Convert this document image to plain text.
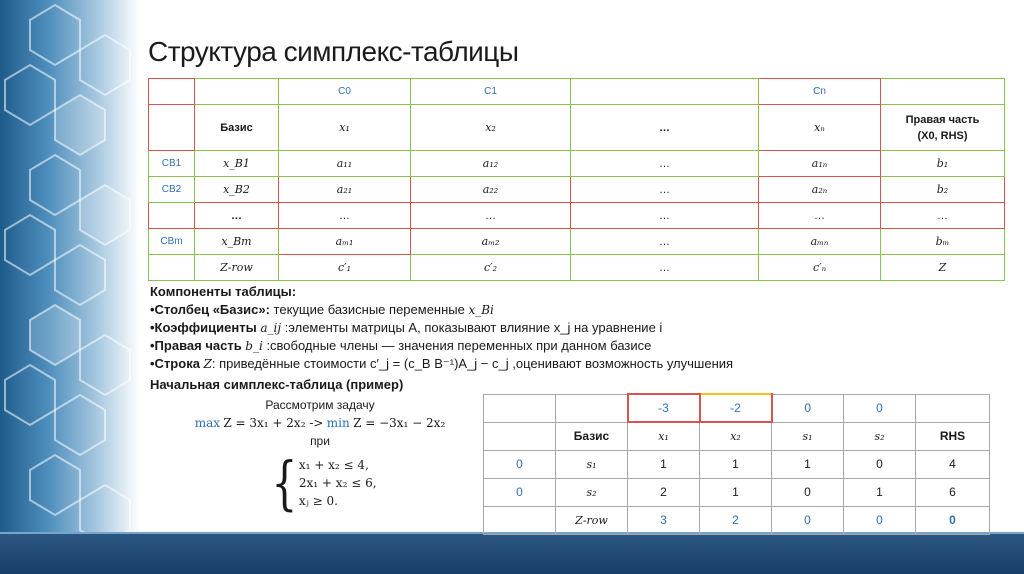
Структура симплекс-таблицы
		C0	C1		Cn	
	Базис	x₁	x₂	…	xₙ	Правая часть
(X0, RHS)

CB1	x_B1	a₁₁	a₁₂	…	a₁ₙ	b₁
CB2	x_B2	a₂₁	a₂₂	…	a₂ₙ	b₂
	…	…	…	…	…	…
CBm	x_Bm	aₘ₁	aₘ₂	…	aₘₙ	bₘ
	Z-row	c′₁	c′₂	…	c′ₙ	Z
Компоненты таблицы:
•Столбец «Базис»: текущие базисные переменные x_Bi
•Коэффициенты a_ij :элементы матрицы A, показывают влияние x_j на уравнение i
•Правая часть b_i :свободные члены — значения переменных при данном базисе
•Строка Z: приведённые стоимости c′_j = (c_B B⁻¹)A_j − c_j ,оценивают возможность улучшения
Начальная симплекс-таблица (пример)
Рассмотрим задачу
max Z = 3x₁ + 2x₂ -> min Z = −3x₁ − 2x₂
при
{ x₁ + x₂ ≤ 4,
2x₁ + x₂ ≤ 6,
xⱼ ≥ 0.
		-3	-2	0	0	
	Базис	x₁	x₂	s₁	s₂	RHS
0	s₁	1	1	1	0	4
0	s₂	2	1	0	1	6
	Z-row	3	2	0	0	0
